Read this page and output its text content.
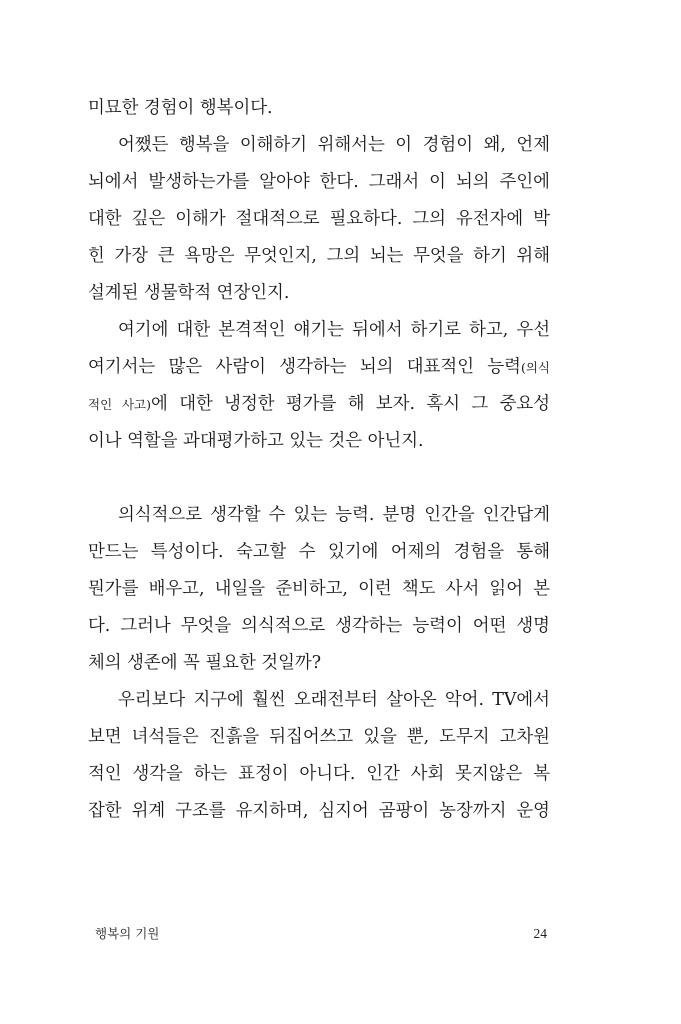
미묘한 경험이 행복이다.
어쨌든 행복을 이해하기 위해서는 이 경험이 왜, 언제
뇌에서 발생하는가를 알아야 한다. 그래서 이 뇌의 주인에
대한 깊은 이해가 절대적으로 필요하다. 그의 유전자에 박
힌 가장 큰 욕망은 무엇인지, 그의 뇌는 무엇을 하기 위해
설계된 생물학적 연장인지.
여기에 대한 본격적인 얘기는 뒤에서 하기로 하고, 우선
여기서는 많은 사람이 생각하는 뇌의 대표적인 능력(의식
적인 사고)에 대한 냉정한 평가를 해 보자. 혹시 그 중요성
이나 역할을 과대평가하고 있는 것은 아닌지.
의식적으로 생각할 수 있는 능력. 분명 인간을 인간답게
만드는 특성이다. 숙고할 수 있기에 어제의 경험을 통해
뭔가를 배우고, 내일을 준비하고, 이런 책도 사서 읽어 본
다. 그러나 무엇을 의식적으로 생각하는 능력이 어떤 생명
체의 생존에 꼭 필요한 것일까?
우리보다 지구에 훨씬 오래전부터 살아온 악어. TV에서
보면 녀석들은 진흙을 뒤집어쓰고 있을 뿐, 도무지 고차원
적인 생각을 하는 표정이 아니다. 인간 사회 못지않은 복
잡한 위계 구조를 유지하며, 심지어 곰팡이 농장까지 운영
행복의 기원	24
